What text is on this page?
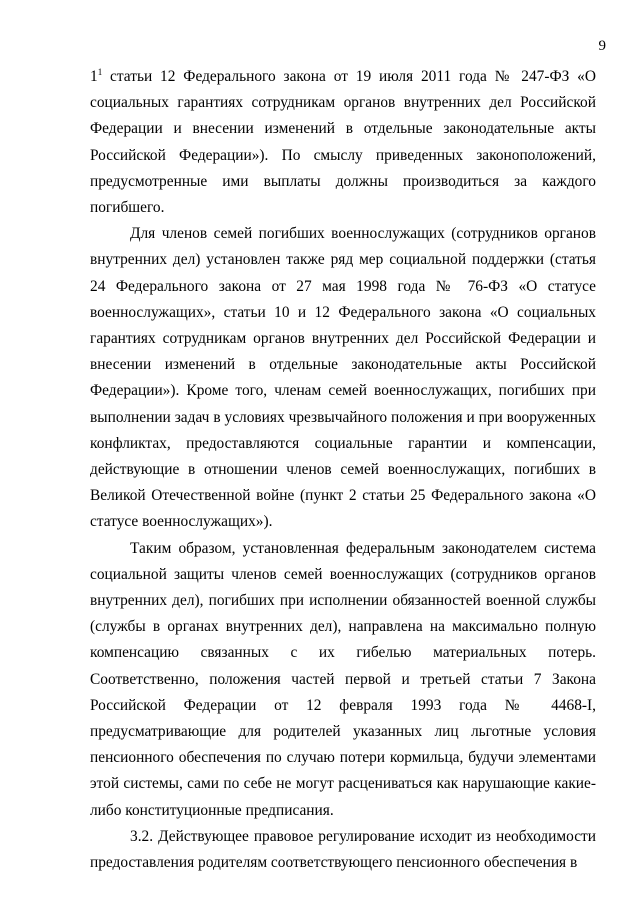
9

$1^1$ статьи 12 Федерального закона от 19 июля 2011 года № 247-ФЗ «О социальных гарантиях сотрудникам органов внутренних дел Российской Федерации и внесении изменений в отдельные законодательные акты Российской Федерации»). По смыслу приведенных законоположений, предусмотренные ими выплаты должны производиться за каждого погибшего.

Для членов семей погибших военнослужащих (сотрудников органов внутренних дел) установлен также ряд мер социальной поддержки (статья 24 Федерального закона от 27 мая 1998 года № 76-ФЗ «О статусе военнослужащих», статьи 10 и 12 Федерального закона «О социальных гарантиях сотрудникам органов внутренних дел Российской Федерации и внесении изменений в отдельные законодательные акты Российской Федерации»). Кроме того, членам семей военнослужащих, погибших при выполнении задач в условиях чрезвычайного положения и при вооруженных конфликтах, предоставляются социальные гарантии и компенсации, действующие в отношении членов семей военнослужащих, погибших в Великой Отечественной войне (пункт 2 статьи 25 Федерального закона «О статусе военнослужащих»).

Таким образом, установленная федеральным законодателем система социальной защиты членов семей военнослужащих (сотрудников органов внутренних дел), погибших при исполнении обязанностей военной службы (службы в органах внутренних дел), направлена на максимально полную компенсацию связанных с их гибелью материальных потерь. Соответственно, положения частей первой и третьей статьи 7 Закона Российской Федерации от 12 февраля 1993 года № 4468-I, предусматривающие для родителей указанных лиц льготные условия пенсионного обеспечения по случаю потери кормильца, будучи элементами этой системы, сами по себе не могут расцениваться как нарушающие какие-либо конституционные предписания.

3.2. Действующее правовое регулирование исходит из необходимости предоставления родителям соответствующего пенсионного обеспечения в
